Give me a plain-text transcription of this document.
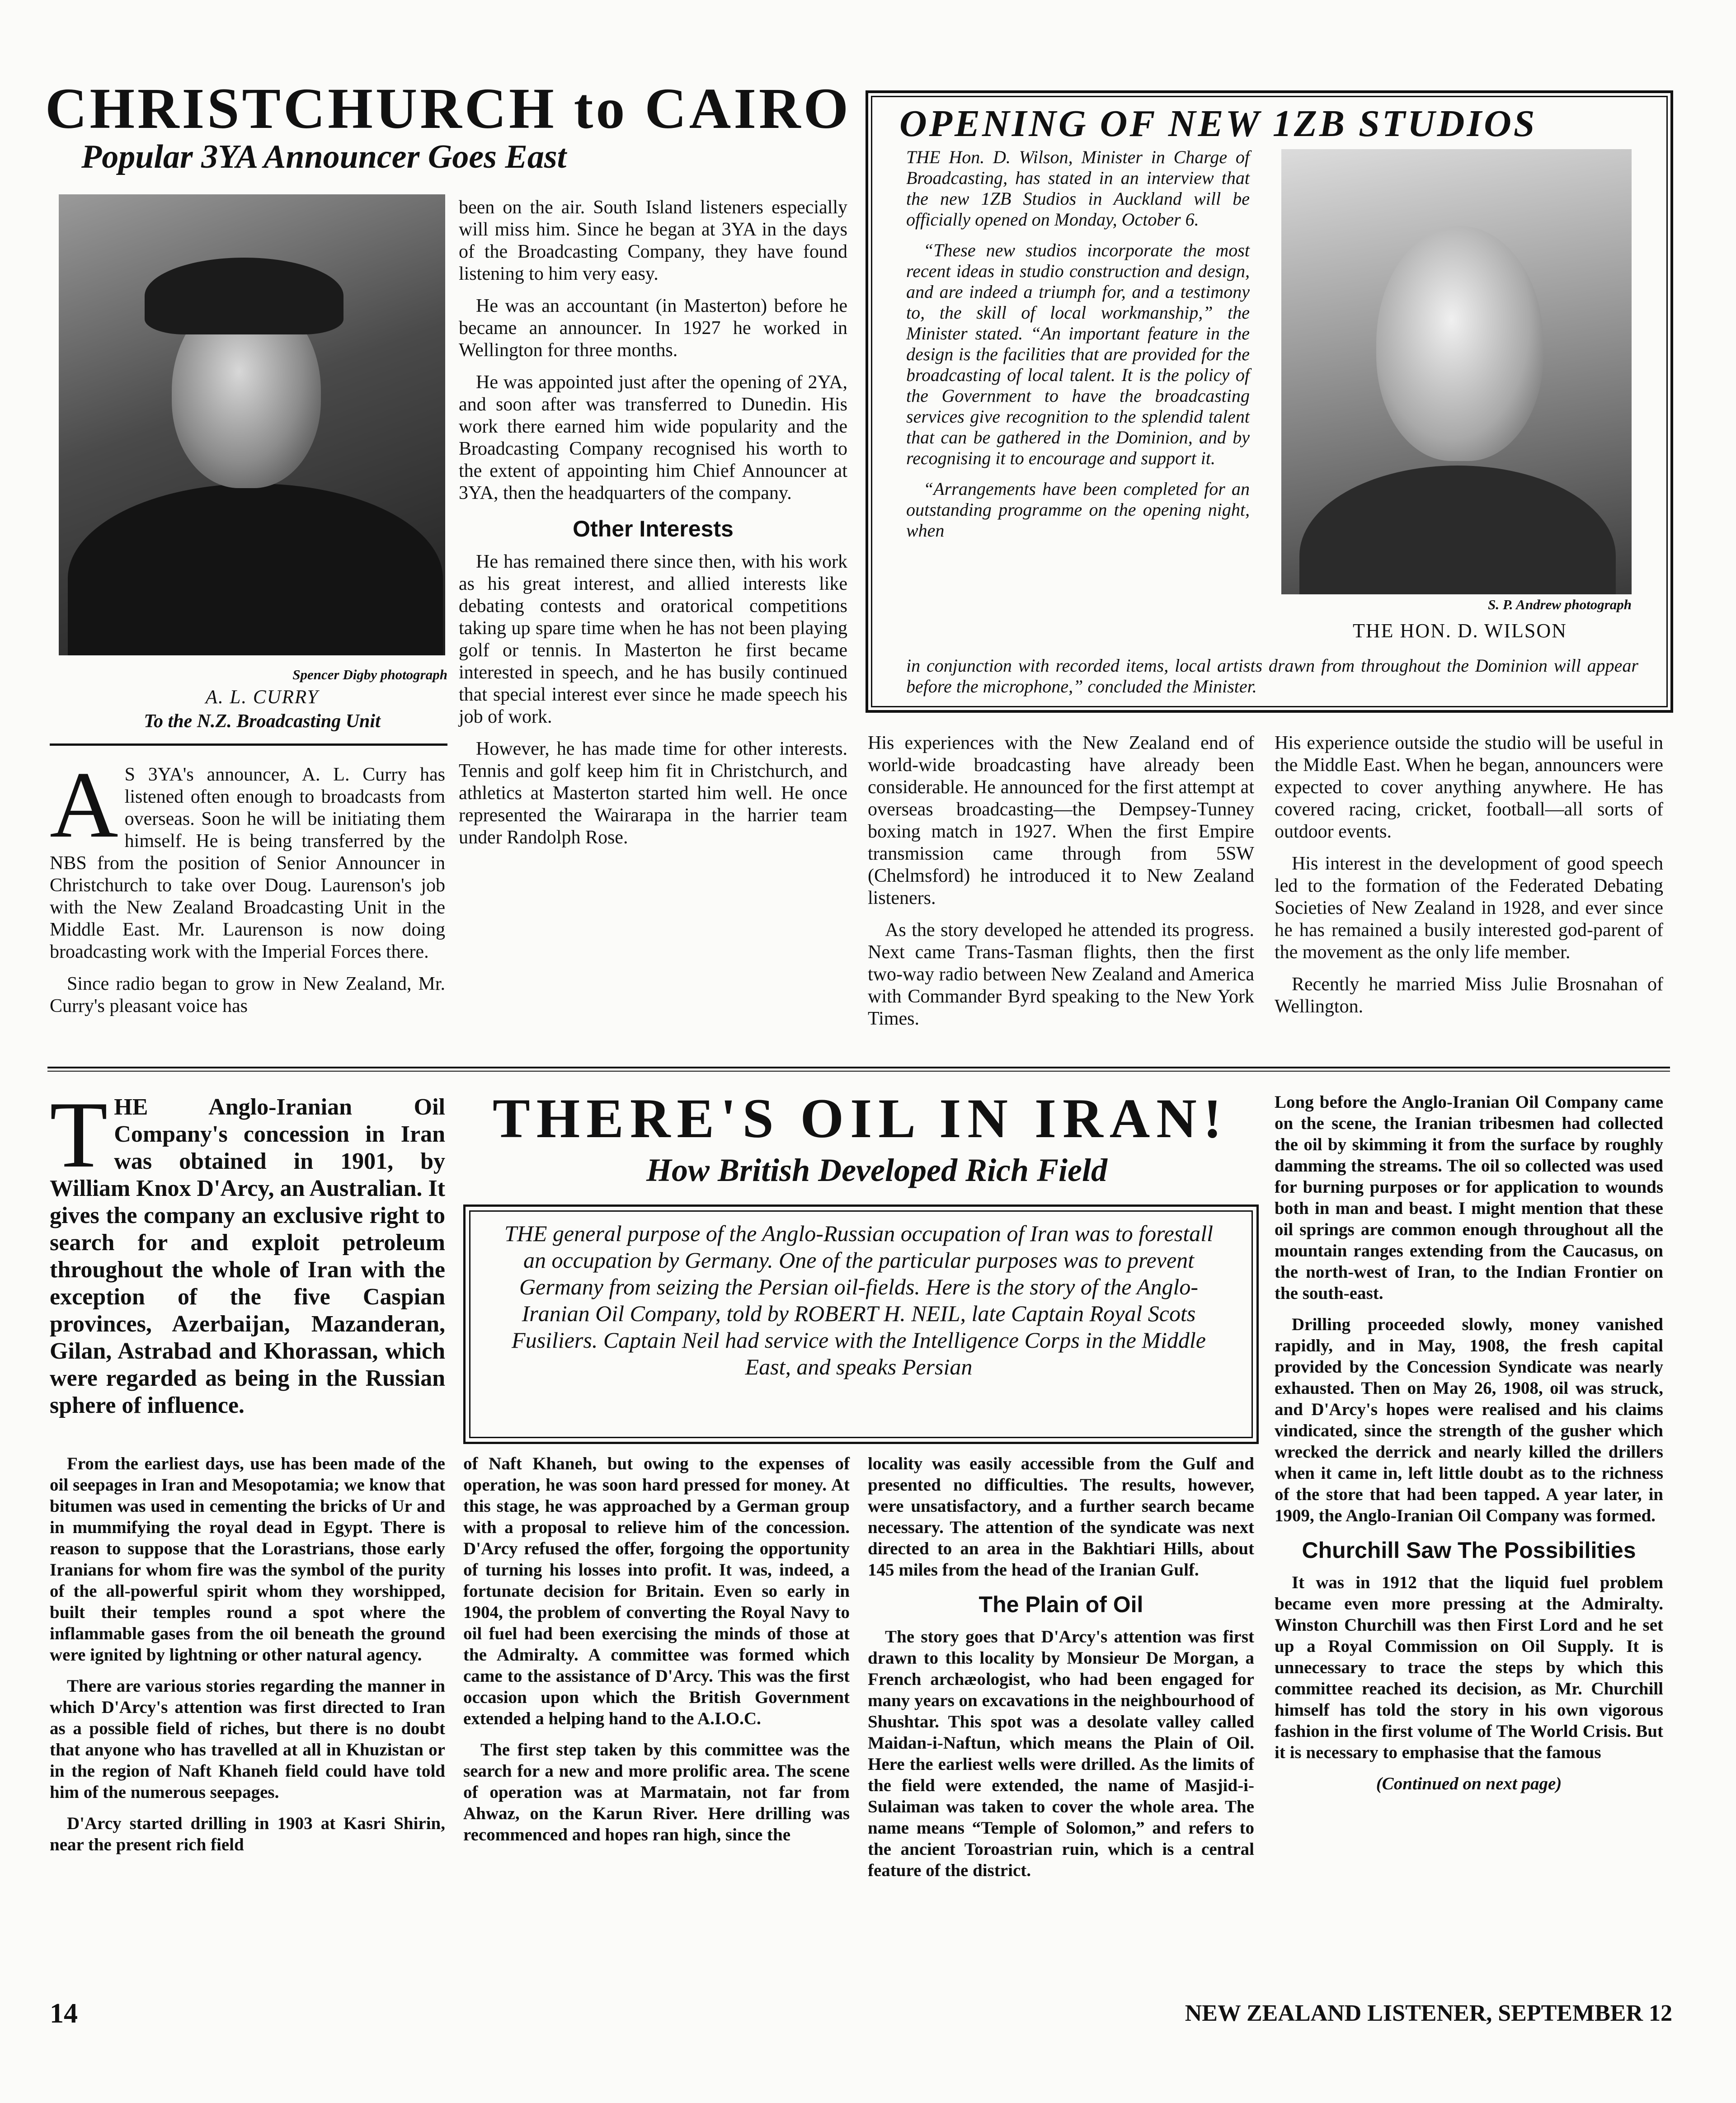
CHRISTCHURCH to CAIRO
Popular 3YA Announcer Goes East
Spencer Digby photograph
A. L. CURRY
To the N.Z. Broadcasting Unit

A S 3YA's announcer, A. L. Curry has listened often enough to broadcasts from overseas. Soon he will be initiating them himself. He is being transferred by the NBS from the position of Senior Announcer in Christchurch to take over Doug. Laurenson's job with the New Zealand Broadcasting Unit in the Middle East. Mr. Laurenson is now doing broadcasting work with the Imperial Forces there.

Since radio began to grow in New Zealand, Mr. Curry's pleasant voice has

been on the air. South Island listeners especially will miss him. Since he began at 3YA in the days of the Broadcasting Company, they have found listening to him very easy.

He was an accountant (in Masterton) before he became an announcer. In 1927 he worked in Wellington for three months.

He was appointed just after the opening of 2YA, and soon after was transferred to Dunedin. His work there earned him wide popularity and the Broadcasting Company recognised his worth to the extent of appointing him Chief Announcer at 3YA, then the headquarters of the company.

Other Interests

He has remained there since then, with his work as his great interest, and allied interests like debating contests and oratorical competitions taking up spare time when he has not been playing golf or tennis. In Masterton he first became interested in speech, and he has busily continued that special interest ever since he made speech his job of work.

However, he has made time for other interests. Tennis and golf keep him fit in Christchurch, and athletics at Masterton started him well. He once represented the Wairarapa in the harrier team under Randolph Rose.

OPENING OF NEW 1ZB STUDIOS

THE Hon. D. Wilson, Minister in Charge of Broadcasting, has stated in an interview that the new 1ZB Studios in Auckland will be officially opened on Monday, October 6.

“These new studios incorporate the most recent ideas in studio construction and design, and are indeed a triumph for, and a testimony to, the skill of local workmanship,” the Minister stated. “An important feature in the design is the facilities that are provided for the broadcasting of local talent. It is the policy of the Government to have the broadcasting services give recognition to the splendid talent that can be gathered in the Dominion, and by recognising it to encourage and support it.

“Arrangements have been completed for an outstanding programme on the opening night, when

in conjunction with recorded items, local artists drawn from throughout the Dominion will appear before the microphone,” concluded the Minister.
S. P. Andrew photograph
THE HON. D. WILSON

His experiences with the New Zealand end of world-wide broadcasting have already been considerable. He announced for the first attempt at overseas broadcasting—the Dempsey-Tunney boxing match in 1927. When the first Empire transmission came through from 5SW (Chelmsford) he introduced it to New Zealand listeners.

As the story developed he attended its progress. Next came Trans-Tasman flights, then the first two-way radio between New Zealand and America with Commander Byrd speaking to the New York Times.

His experience outside the studio will be useful in the Middle East. When he began, announcers were expected to cover anything anywhere. He has covered racing, cricket, football—all sorts of outdoor events.

His interest in the development of good speech led to the formation of the Federated Debating Societies of New Zealand in 1928, and ever since he has remained a busily interested god-parent of the movement as the only life member.

Recently he married Miss Julie Brosnahan of Wellington.

THE Anglo-Iranian Oil Company's concession in Iran was obtained in 1901, by William Knox D'Arcy, an Australian. It gives the company an exclusive right to search for and exploit petroleum throughout the whole of Iran with the exception of the five Caspian provinces, Azerbaijan, Mazanderan, Gilan, Astrabad and Khorassan, which were regarded as being in the Russian sphere of influence.

THERE'S OIL IN IRAN!
How British Developed Rich Field
THE general purpose of the Anglo-Russian occupation of Iran was to forestall an occupation by Germany. One of the particular purposes was to prevent Germany from seizing the Persian oil-fields. Here is the story of the Anglo-Iranian Oil Company, told by ROBERT H. NEIL, late Captain Royal Scots Fusiliers. Captain Neil had service with the Intelligence Corps in the Middle East, and speaks Persian

From the earliest days, use has been made of the oil seepages in Iran and Mesopotamia; we know that bitumen was used in cementing the bricks of Ur and in mummifying the royal dead in Egypt. There is reason to suppose that the Lorastrians, those early Iranians for whom fire was the symbol of the purity of the all-powerful spirit whom they worshipped, built their temples round a spot where the inflammable gases from the oil beneath the ground were ignited by lightning or other natural agency.

There are various stories regarding the manner in which D'Arcy's attention was first directed to Iran as a possible field of riches, but there is no doubt that anyone who has travelled at all in Khuzistan or in the region of Naft Khaneh field could have told him of the numerous seepages.

D'Arcy started drilling in 1903 at Kasri Shirin, near the present rich field

of Naft Khaneh, but owing to the expenses of operation, he was soon hard pressed for money. At this stage, he was approached by a German group with a proposal to relieve him of the concession. D'Arcy refused the offer, forgoing the opportunity of turning his losses into profit. It was, indeed, a fortunate decision for Britain. Even so early in 1904, the problem of converting the Royal Navy to oil fuel had been exercising the minds of those at the Admiralty. A committee was formed which came to the assistance of D'Arcy. This was the first occasion upon which the British Government extended a helping hand to the A.I.O.C.

The first step taken by this committee was the search for a new and more prolific area. The scene of operation was at Marmatain, not far from Ahwaz, on the Karun River. Here drilling was recommenced and hopes ran high, since the

locality was easily accessible from the Gulf and presented no difficulties. The results, however, were unsatisfactory, and a further search became necessary. The attention of the syndicate was next directed to an area in the Bakhtiari Hills, about 145 miles from the head of the Iranian Gulf.

The Plain of Oil

The story goes that D'Arcy's attention was first drawn to this locality by Monsieur De Morgan, a French archæologist, who had been engaged for many years on excavations in the neighbourhood of Shushtar. This spot was a desolate valley called Maidan-i-Naftun, which means the Plain of Oil. Here the earliest wells were drilled. As the limits of the field were extended, the name of Masjid-i-Sulaiman was taken to cover the whole area. The name means “Temple of Solomon,” and refers to the ancient Toroastrian ruin, which is a central feature of the district.

Long before the Anglo-Iranian Oil Company came on the scene, the Iranian tribesmen had collected the oil by skimming it from the surface by roughly damming the streams. The oil so collected was used for burning purposes or for application to wounds both in man and beast. I might mention that these oil springs are common enough throughout all the mountain ranges extending from the Caucasus, on the north-west of Iran, to the Indian Frontier on the south-east.

Drilling proceeded slowly, money vanished rapidly, and in May, 1908, the fresh capital provided by the Concession Syndicate was nearly exhausted. Then on May 26, 1908, oil was struck, and D'Arcy's hopes were realised and his claims vindicated, since the strength of the gusher which wrecked the derrick and nearly killed the drillers when it came in, left little doubt as to the richness of the store that had been tapped. A year later, in 1909, the Anglo-Iranian Oil Company was formed.

Churchill Saw The Possibilities

It was in 1912 that the liquid fuel problem became even more pressing at the Admiralty. Winston Churchill was then First Lord and he set up a Royal Commission on Oil Supply. It is unnecessary to trace the steps by which this committee reached its decision, as Mr. Churchill himself has told the story in his own vigorous fashion in the first volume of The World Crisis. But it is necessary to emphasise that the famous

(Continued on next page)
14	NEW ZEALAND LISTENER, SEPTEMBER 12
